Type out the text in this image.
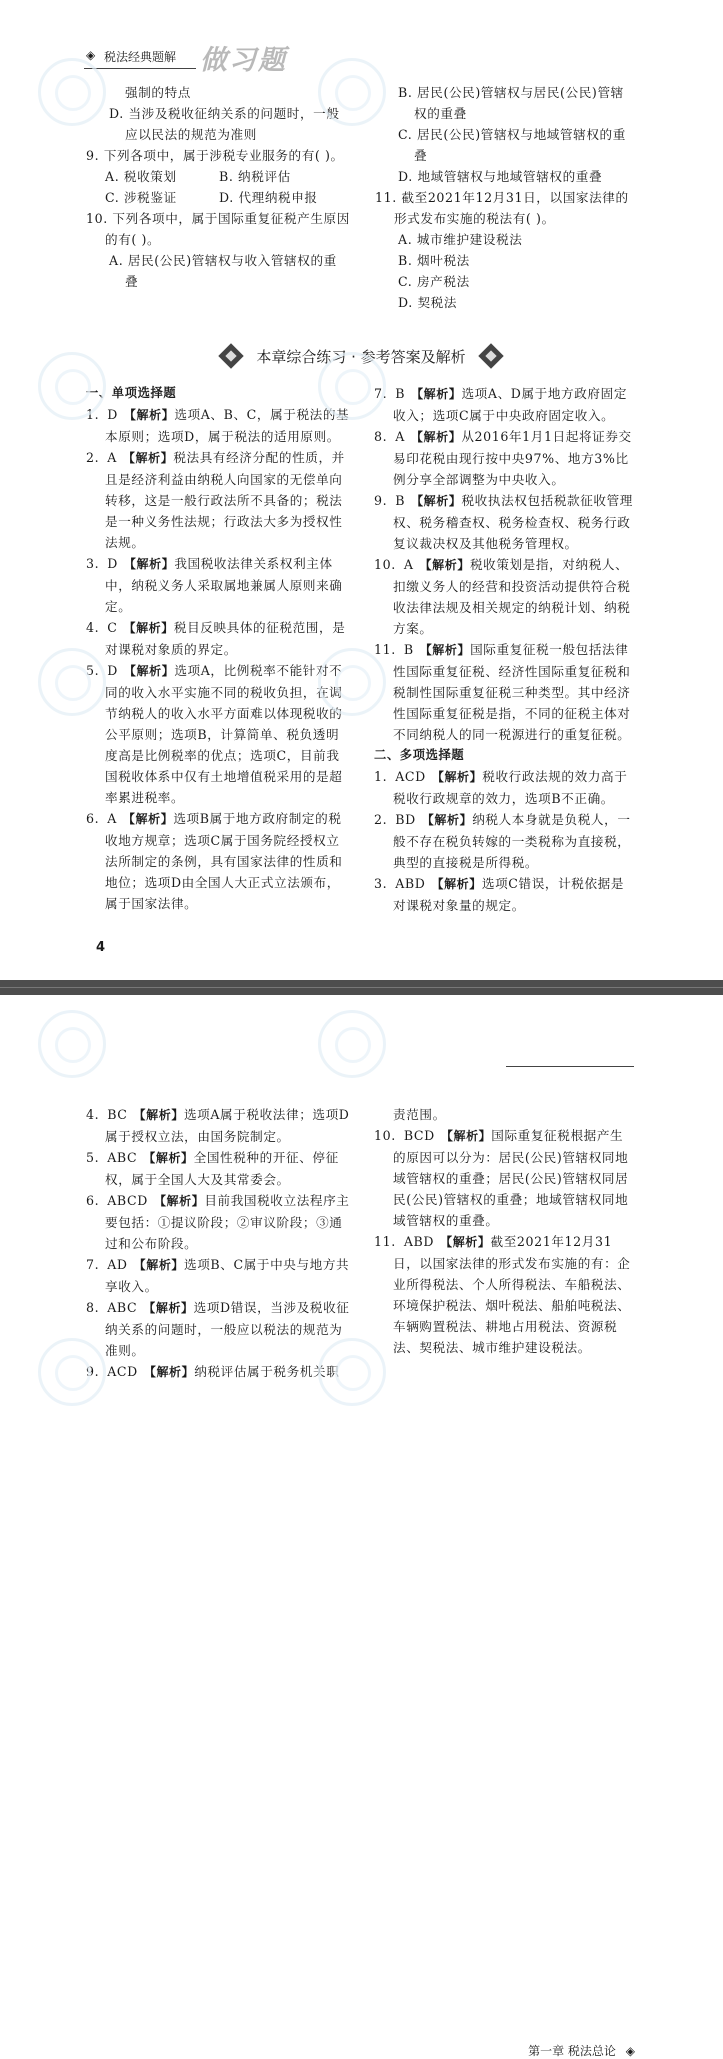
◈ 税法经典题解 做习题

强制的特点

D. 当涉及税收征纳关系的问题时，一般应以民法的规范为准则

9. 下列各项中，属于涉税专业服务的有( )。

A. 税收策划	B. 纳税评估
C. 涉税鉴证	D. 代理纳税申报

10. 下列各项中，属于国际重复征税产生原因的有( )。

A. 居民(公民)管辖权与收入管辖权的重叠

B. 居民(公民)管辖权与居民(公民)管辖权的重叠

C. 居民(公民)管辖权与地域管辖权的重叠

D. 地域管辖权与地域管辖权的重叠

11. 截至2021年12月31日，以国家法律的形式发布实施的税法有( )。

A. 城市维护建设税法

B. 烟叶税法

C. 房产税法

D. 契税法

本章综合练习 · 参考答案及解析

一、单项选择题

1. D 【解析】选项A、B、C，属于税法的基本原则；选项D，属于税法的适用原则。

2. A 【解析】税法具有经济分配的性质，并且是经济利益由纳税人向国家的无偿单向转移，这是一般行政法所不具备的；税法是一种义务性法规；行政法大多为授权性法规。

3. D 【解析】我国税收法律关系权利主体中，纳税义务人采取属地兼属人原则来确定。

4. C 【解析】税目反映具体的征税范围，是对课税对象质的界定。

5. D 【解析】选项A，比例税率不能针对不同的收入水平实施不同的税收负担，在调节纳税人的收入水平方面难以体现税收的公平原则；选项B，计算简单、税负透明度高是比例税率的优点；选项C，目前我国税收体系中仅有土地增值税采用的是超率累进税率。

6. A 【解析】选项B属于地方政府制定的税收地方规章；选项C属于国务院经授权立法所制定的条例，具有国家法律的性质和地位；选项D由全国人大正式立法颁布，属于国家法律。

7. B 【解析】选项A、D属于地方政府固定收入；选项C属于中央政府固定收入。

8. A 【解析】从2016年1月1日起将证券交易印花税由现行按中央97%、地方3%比例分享全部调整为中央收入。

9. B 【解析】税收执法权包括税款征收管理权、税务稽查权、税务检查权、税务行政复议裁决权及其他税务管理权。

10. A 【解析】税收策划是指，对纳税人、扣缴义务人的经营和投资活动提供符合税收法律法规及相关规定的纳税计划、纳税方案。

11. B 【解析】国际重复征税一般包括法律性国际重复征税、经济性国际重复征税和税制性国际重复征税三种类型。其中经济性国际重复征税是指，不同的征税主体对不同纳税人的同一税源进行的重复征税。

二、多项选择题

1. ACD 【解析】税收行政法规的效力高于税收行政规章的效力，选项B不正确。

2. BD 【解析】纳税人本身就是负税人，一般不存在税负转嫁的一类税称为直接税，典型的直接税是所得税。

3. ABD 【解析】选项C错误，计税依据是对课税对象量的规定。

4
第一章 税法总论 ◈

4. BC 【解析】选项A属于税收法律；选项D属于授权立法，由国务院制定。

5. ABC 【解析】全国性税种的开征、停征权，属于全国人大及其常委会。

6. ABCD 【解析】目前我国税收立法程序主要包括：①提议阶段；②审议阶段；③通过和公布阶段。

7. AD 【解析】选项B、C属于中央与地方共享收入。

8. ABC 【解析】选项D错误，当涉及税收征纳关系的问题时，一般应以税法的规范为准则。

9. ACD 【解析】纳税评估属于税务机关职

责范围。

10. BCD 【解析】国际重复征税根据产生的原因可以分为：居民(公民)管辖权同地域管辖权的重叠；居民(公民)管辖权同居民(公民)管辖权的重叠；地域管辖权同地域管辖权的重叠。

11. ABD 【解析】截至2021年12月31日，以国家法律的形式发布实施的有：企业所得税法、个人所得税法、车船税法、环境保护税法、烟叶税法、船舶吨税法、车辆购置税法、耕地占用税法、资源税法、契税法、城市维护建设税法。
